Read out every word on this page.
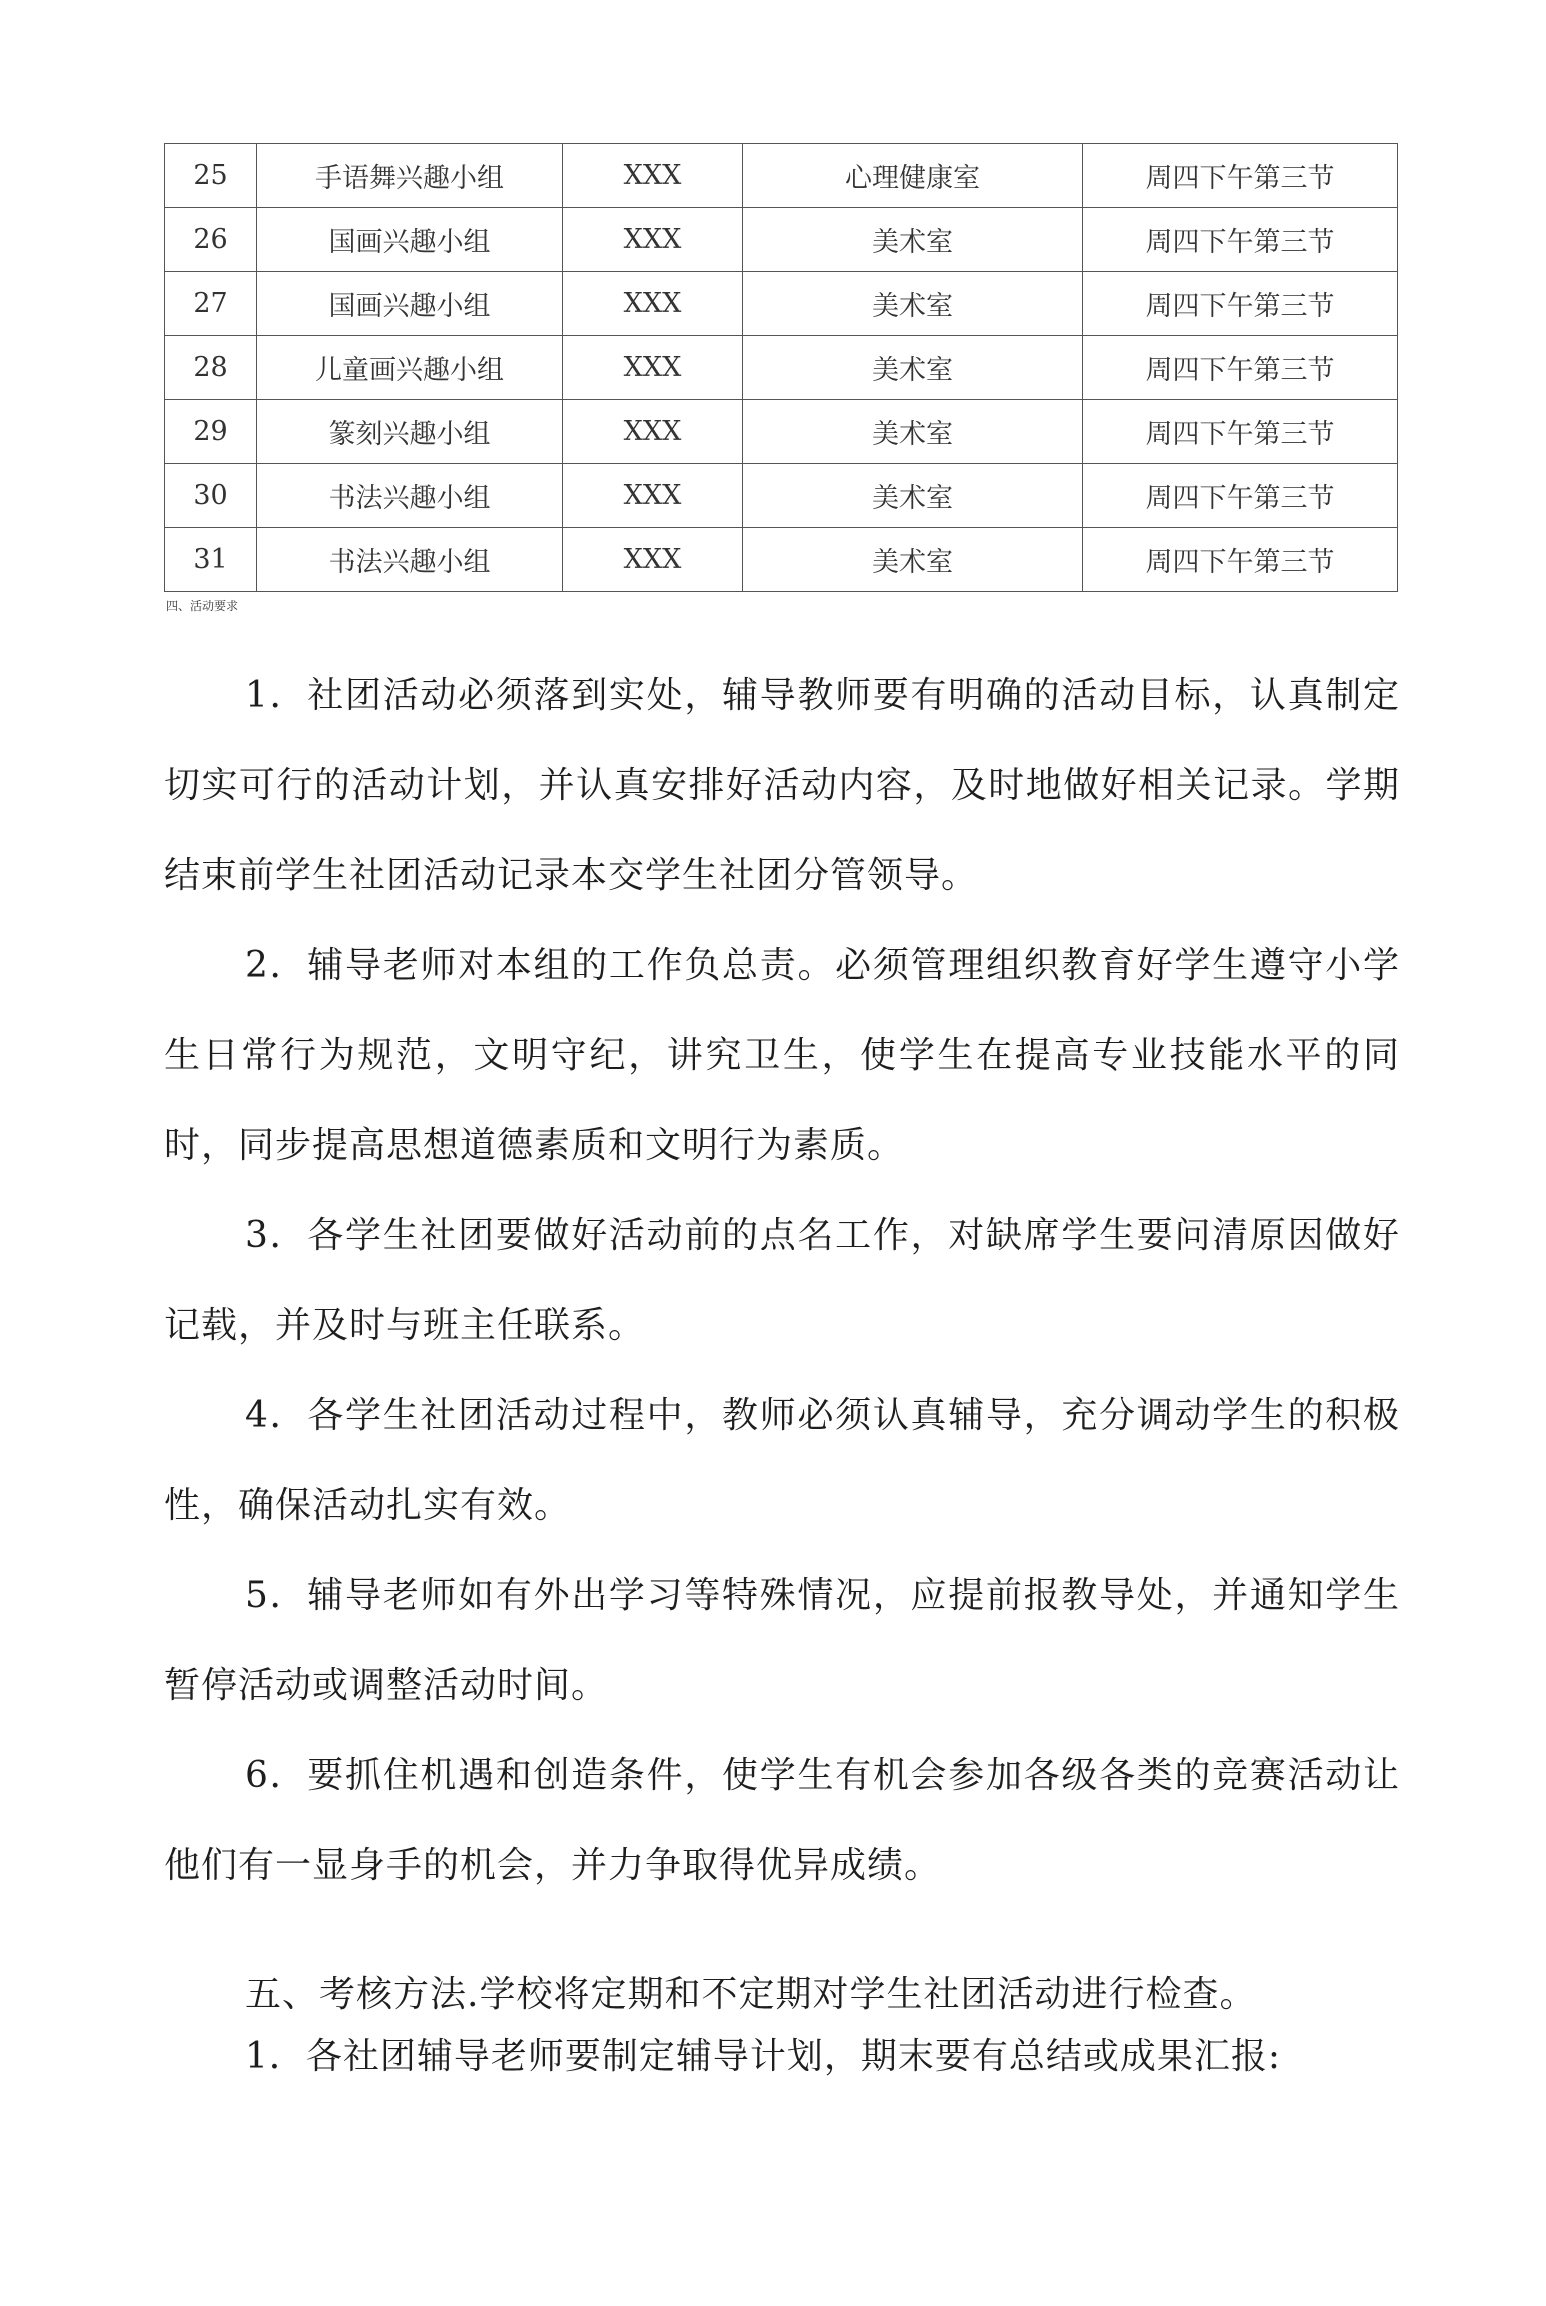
25	手语舞兴趣小组	XXX	心理健康室	周四下午第三节
26	国画兴趣小组	XXX	美术室	周四下午第三节
27	国画兴趣小组	XXX	美术室	周四下午第三节
28	儿童画兴趣小组	XXX	美术室	周四下午第三节
29	篆刻兴趣小组	XXX	美术室	周四下午第三节
30	书法兴趣小组	XXX	美术室	周四下午第三节
31	书法兴趣小组	XXX	美术室	周四下午第三节
四、活动要求

1．社团活动必须落到实处，辅导教师要有明确的活动目标，认真制定切实可行的活动计划，并认真安排好活动内容，及时地做好相关记录。学期结束前学生社团活动记录本交学生社团分管领导。

2．辅导老师对本组的工作负总责。必须管理组织教育好学生遵守小学生日常行为规范，文明守纪，讲究卫生，使学生在提高专业技能水平的同时，同步提高思想道德素质和文明行为素质。

3．各学生社团要做好活动前的点名工作，对缺席学生要问清原因做好记载，并及时与班主任联系。

4．各学生社团活动过程中，教师必须认真辅导，充分调动学生的积极性，确保活动扎实有效。

5．辅导老师如有外出学习等特殊情况，应提前报教导处，并通知学生暂停活动或调整活动时间。

6．要抓住机遇和创造条件，使学生有机会参加各级各类的竞赛活动让他们有一显身手的机会，并力争取得优异成绩。

五、考核方法.学校将定期和不定期对学生社团活动进行检查。

1．各社团辅导老师要制定辅导计划，期末要有总结或成果汇报:
